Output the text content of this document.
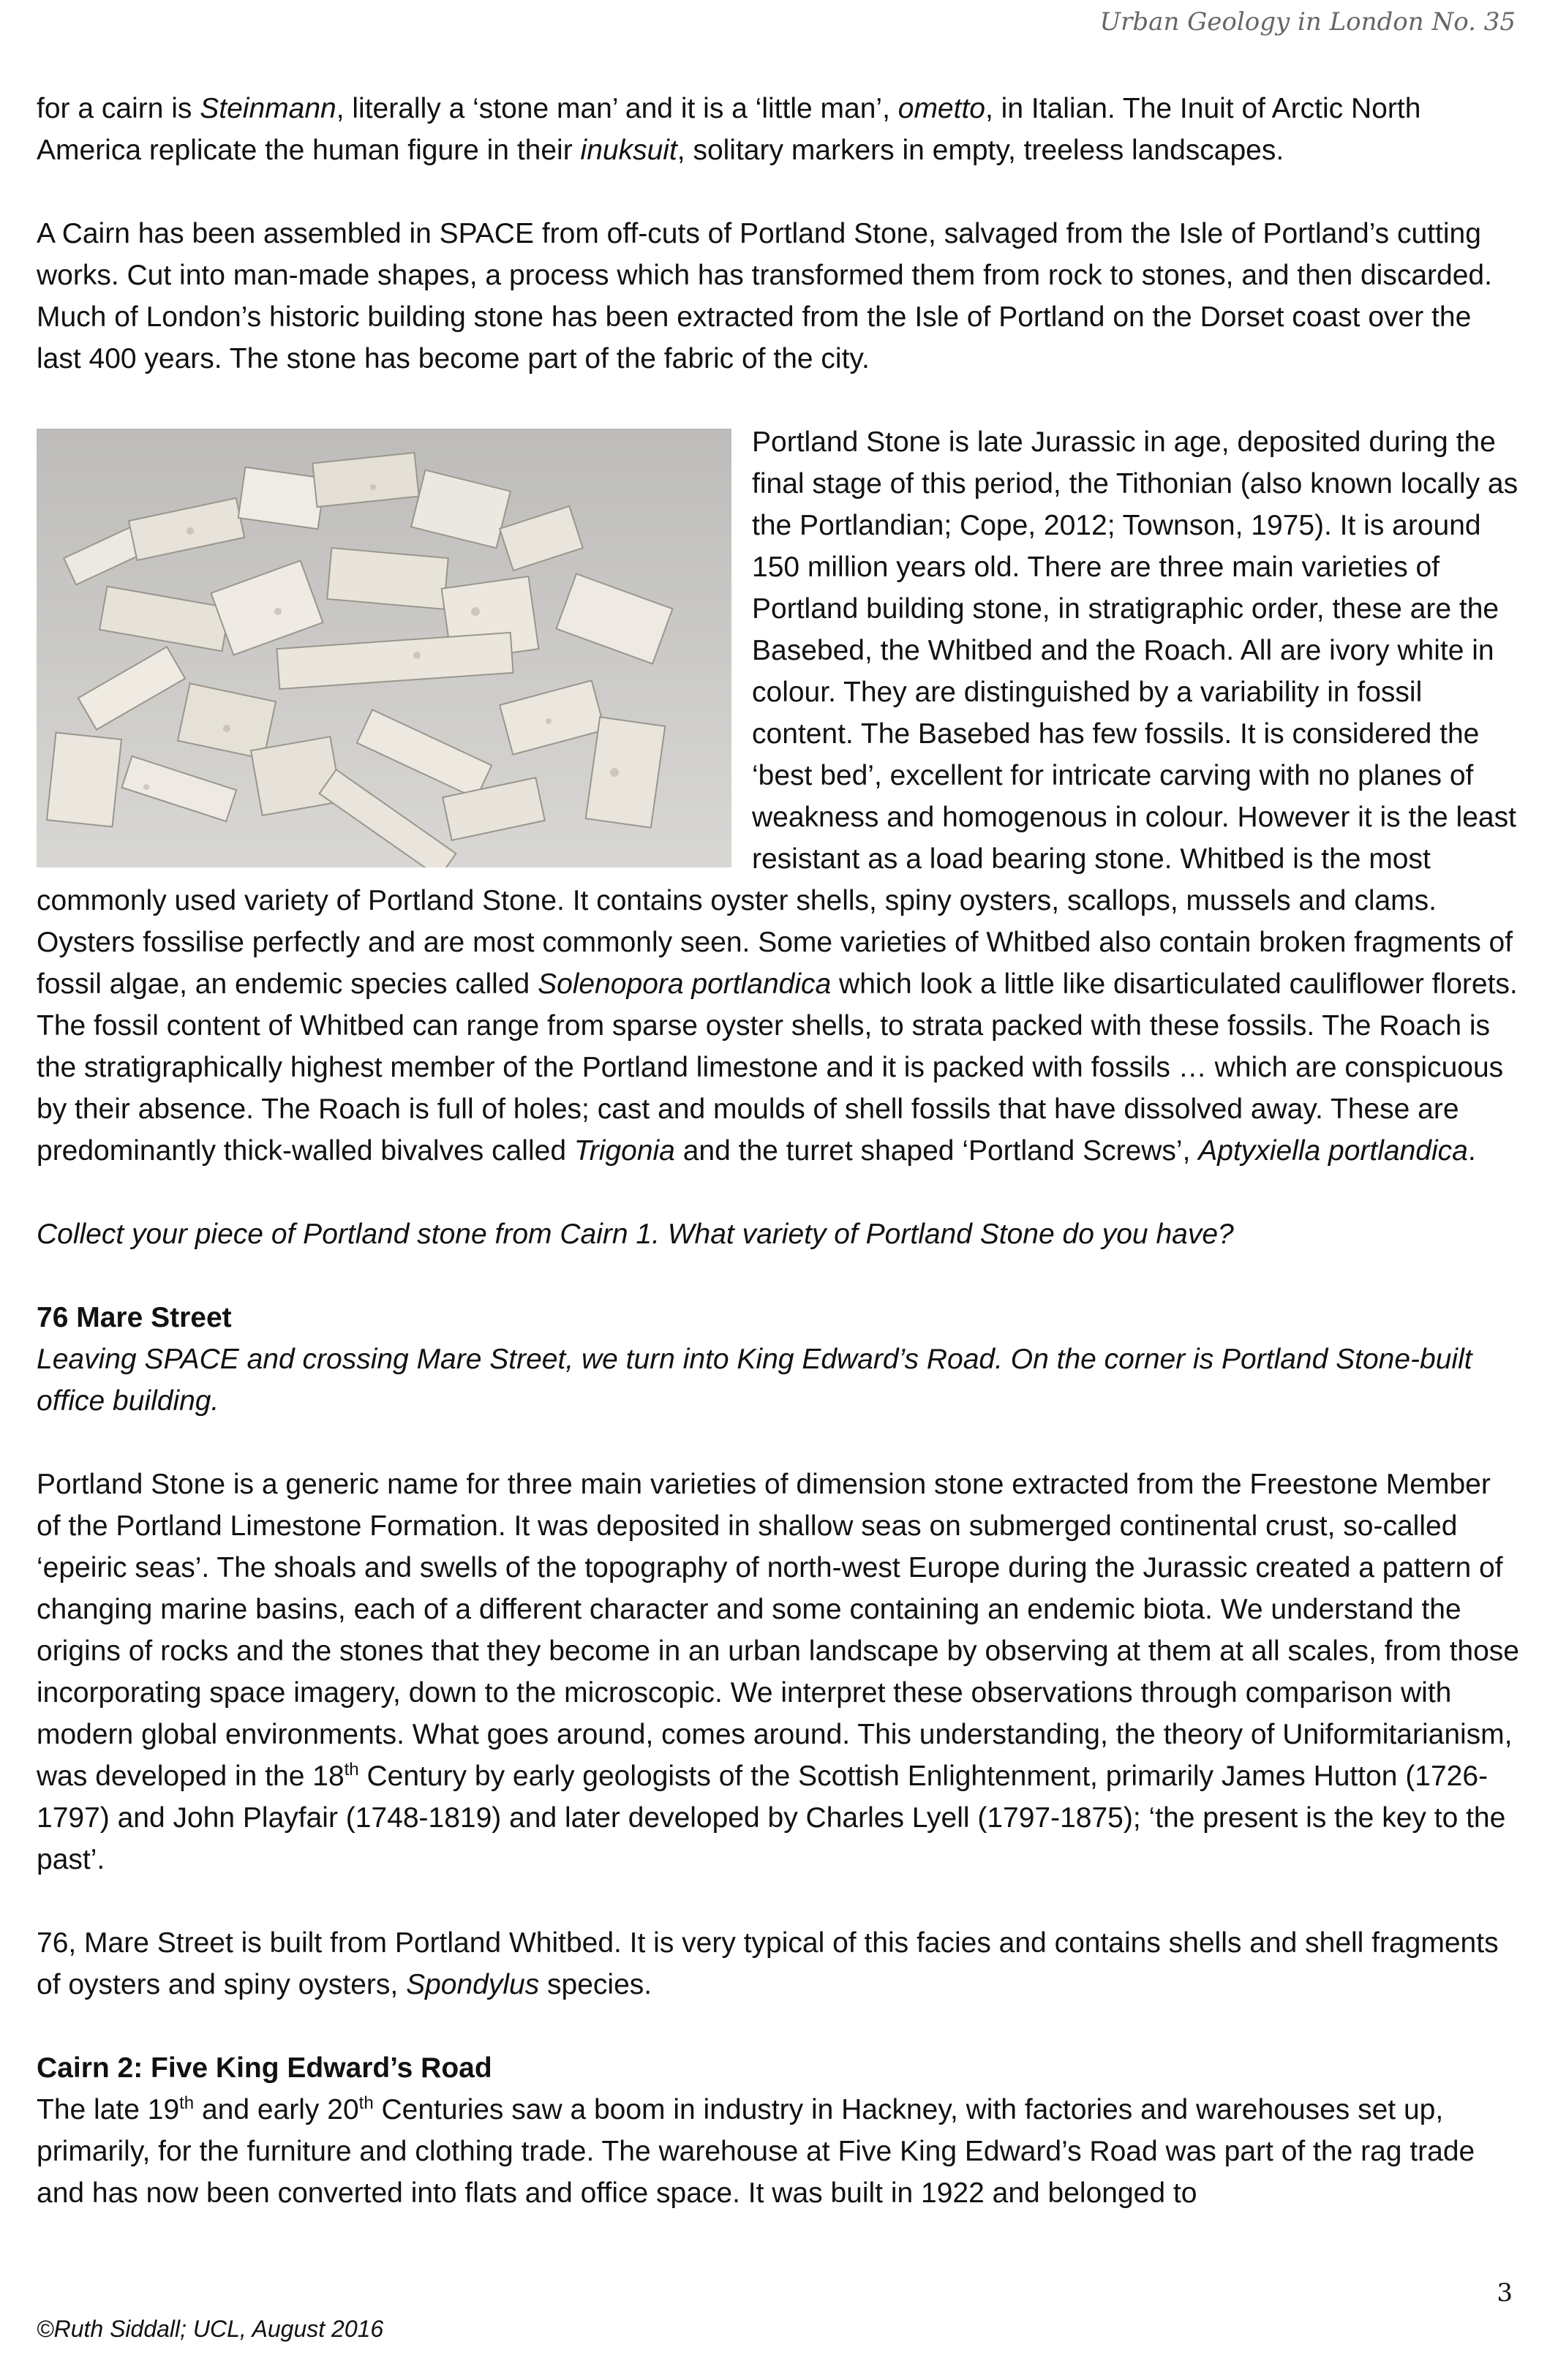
Urban Geology in London No. 35

for a cairn is Steinmann, literally a ‘stone man’ and it is a ‘little man’, ometto, in Italian. The Inuit of Arctic North America replicate the human figure in their inuksuit, solitary markers in empty, treeless landscapes.

A Cairn has been assembled in SPACE from off-cuts of Portland Stone, salvaged from the Isle of Portland’s cutting works. Cut into man-made shapes, a process which has transformed them from rock to stones, and then discarded. Much of London’s historic building stone has been extracted from the Isle of Portland on the Dorset coast over the last 400 years. The stone has become part of the fabric of the city.

Portland Stone is late Jurassic in age, deposited during the final stage of this period, the Tithonian (also known locally as the Portlandian; Cope, 2012; Townson, 1975). It is around 150 million years old. There are three main varieties of Portland building stone, in stratigraphic order, these are the Basebed, the Whitbed and the Roach. All are ivory white in colour. They are distinguished by a variability in fossil content. The Basebed has few fossils. It is considered the ‘best bed’, excellent for intricate carving with no planes of weakness and homogenous in colour. However it is the least resistant as a load bearing stone. Whitbed is the most commonly used variety of Portland Stone. It contains oyster shells, spiny oysters, scallops, mussels and clams. Oysters fossilise perfectly and are most commonly seen. Some varieties of Whitbed also contain broken fragments of fossil algae, an endemic species called Solenopora portlandica which look a little like disarticulated cauliflower florets. The fossil content of Whitbed can range from sparse oyster shells, to strata packed with these fossils. The Roach is the stratigraphically highest member of the Portland limestone and it is packed with fossils … which are conspicuous by their absence. The Roach is full of holes; cast and moulds of shell fossils that have dissolved away. These are predominantly thick-walled bivalves called Trigonia and the turret shaped ‘Portland Screws’, Aptyxiella portlandica.

Collect your piece of Portland stone from Cairn 1. What variety of Portland Stone do you have?

76 Mare Street

Leaving SPACE and crossing Mare Street, we turn into King Edward’s Road. On the corner is Portland Stone-built office building.

Portland Stone is a generic name for three main varieties of dimension stone extracted from the Freestone Member of the Portland Limestone Formation. It was deposited in shallow seas on submerged continental crust, so-called ‘epeiric seas’. The shoals and swells of the topography of north-west Europe during the Jurassic created a pattern of changing marine basins, each of a different character and some containing an endemic biota. We understand the origins of rocks and the stones that they become in an urban landscape by observing at them at all scales, from those incorporating space imagery, down to the microscopic. We interpret these observations through comparison with modern global environments. What goes around, comes around. This understanding, the theory of Uniformitarianism, was developed in the 18th Century by early geologists of the Scottish Enlightenment, primarily James Hutton (1726-1797) and John Playfair (1748-1819) and later developed by Charles Lyell (1797-1875); ‘the present is the key to the past’.

76, Mare Street is built from Portland Whitbed. It is very typical of this facies and contains shells and shell fragments of oysters and spiny oysters, Spondylus species.

Cairn 2: Five King Edward’s Road

The late 19th and early 20th Centuries saw a boom in industry in Hackney, with factories and warehouses set up, primarily, for the furniture and clothing trade. The warehouse at Five King Edward’s Road was part of the rag trade and has now been converted into flats and office space. It was built in 1922 and belonged to

3
©Ruth Siddall; UCL, August 2016
